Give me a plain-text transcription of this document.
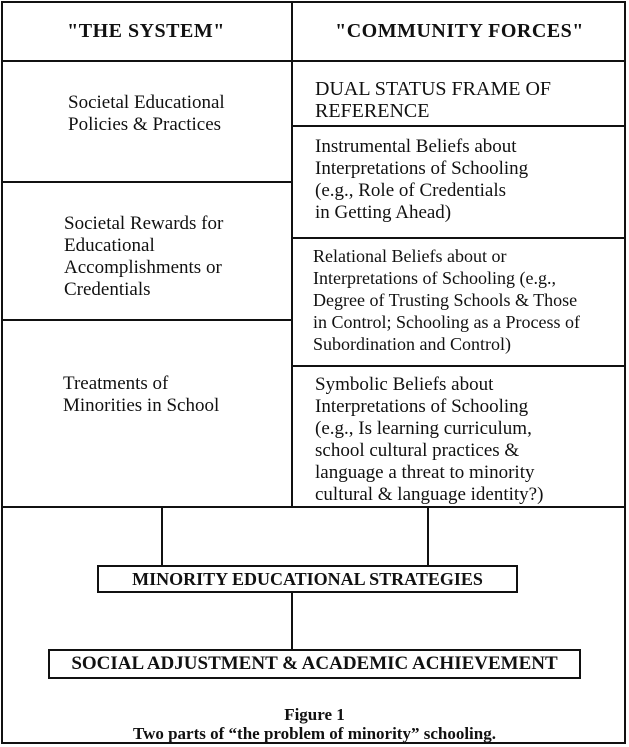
"THE SYSTEM"	"COMMUNITY FORCES"
Societal Educational
Policies & Practices
Societal Rewards for
Educational
Accomplishments or
Credentials
Treatments of
Minorities in School
DUAL STATUS FRAME OF
REFERENCE
Instrumental Beliefs about
Interpretations of Schooling
(e.g., Role of Credentials
in Getting Ahead)
Relational Beliefs about or
Interpretations of Schooling (e.g.,
Degree of Trusting Schools & Those
in Control; Schooling as a Process of
Subordination and Control)
Symbolic Beliefs about
Interpretations of Schooling
(e.g., Is learning curriculum,
school cultural practices &
language a threat to minority
cultural & language identity?)
MINORITY EDUCATIONAL STRATEGIES
SOCIAL ADJUSTMENT & ACADEMIC ACHIEVEMENT
Figure 1
Two parts of “the problem of minority” schooling.
